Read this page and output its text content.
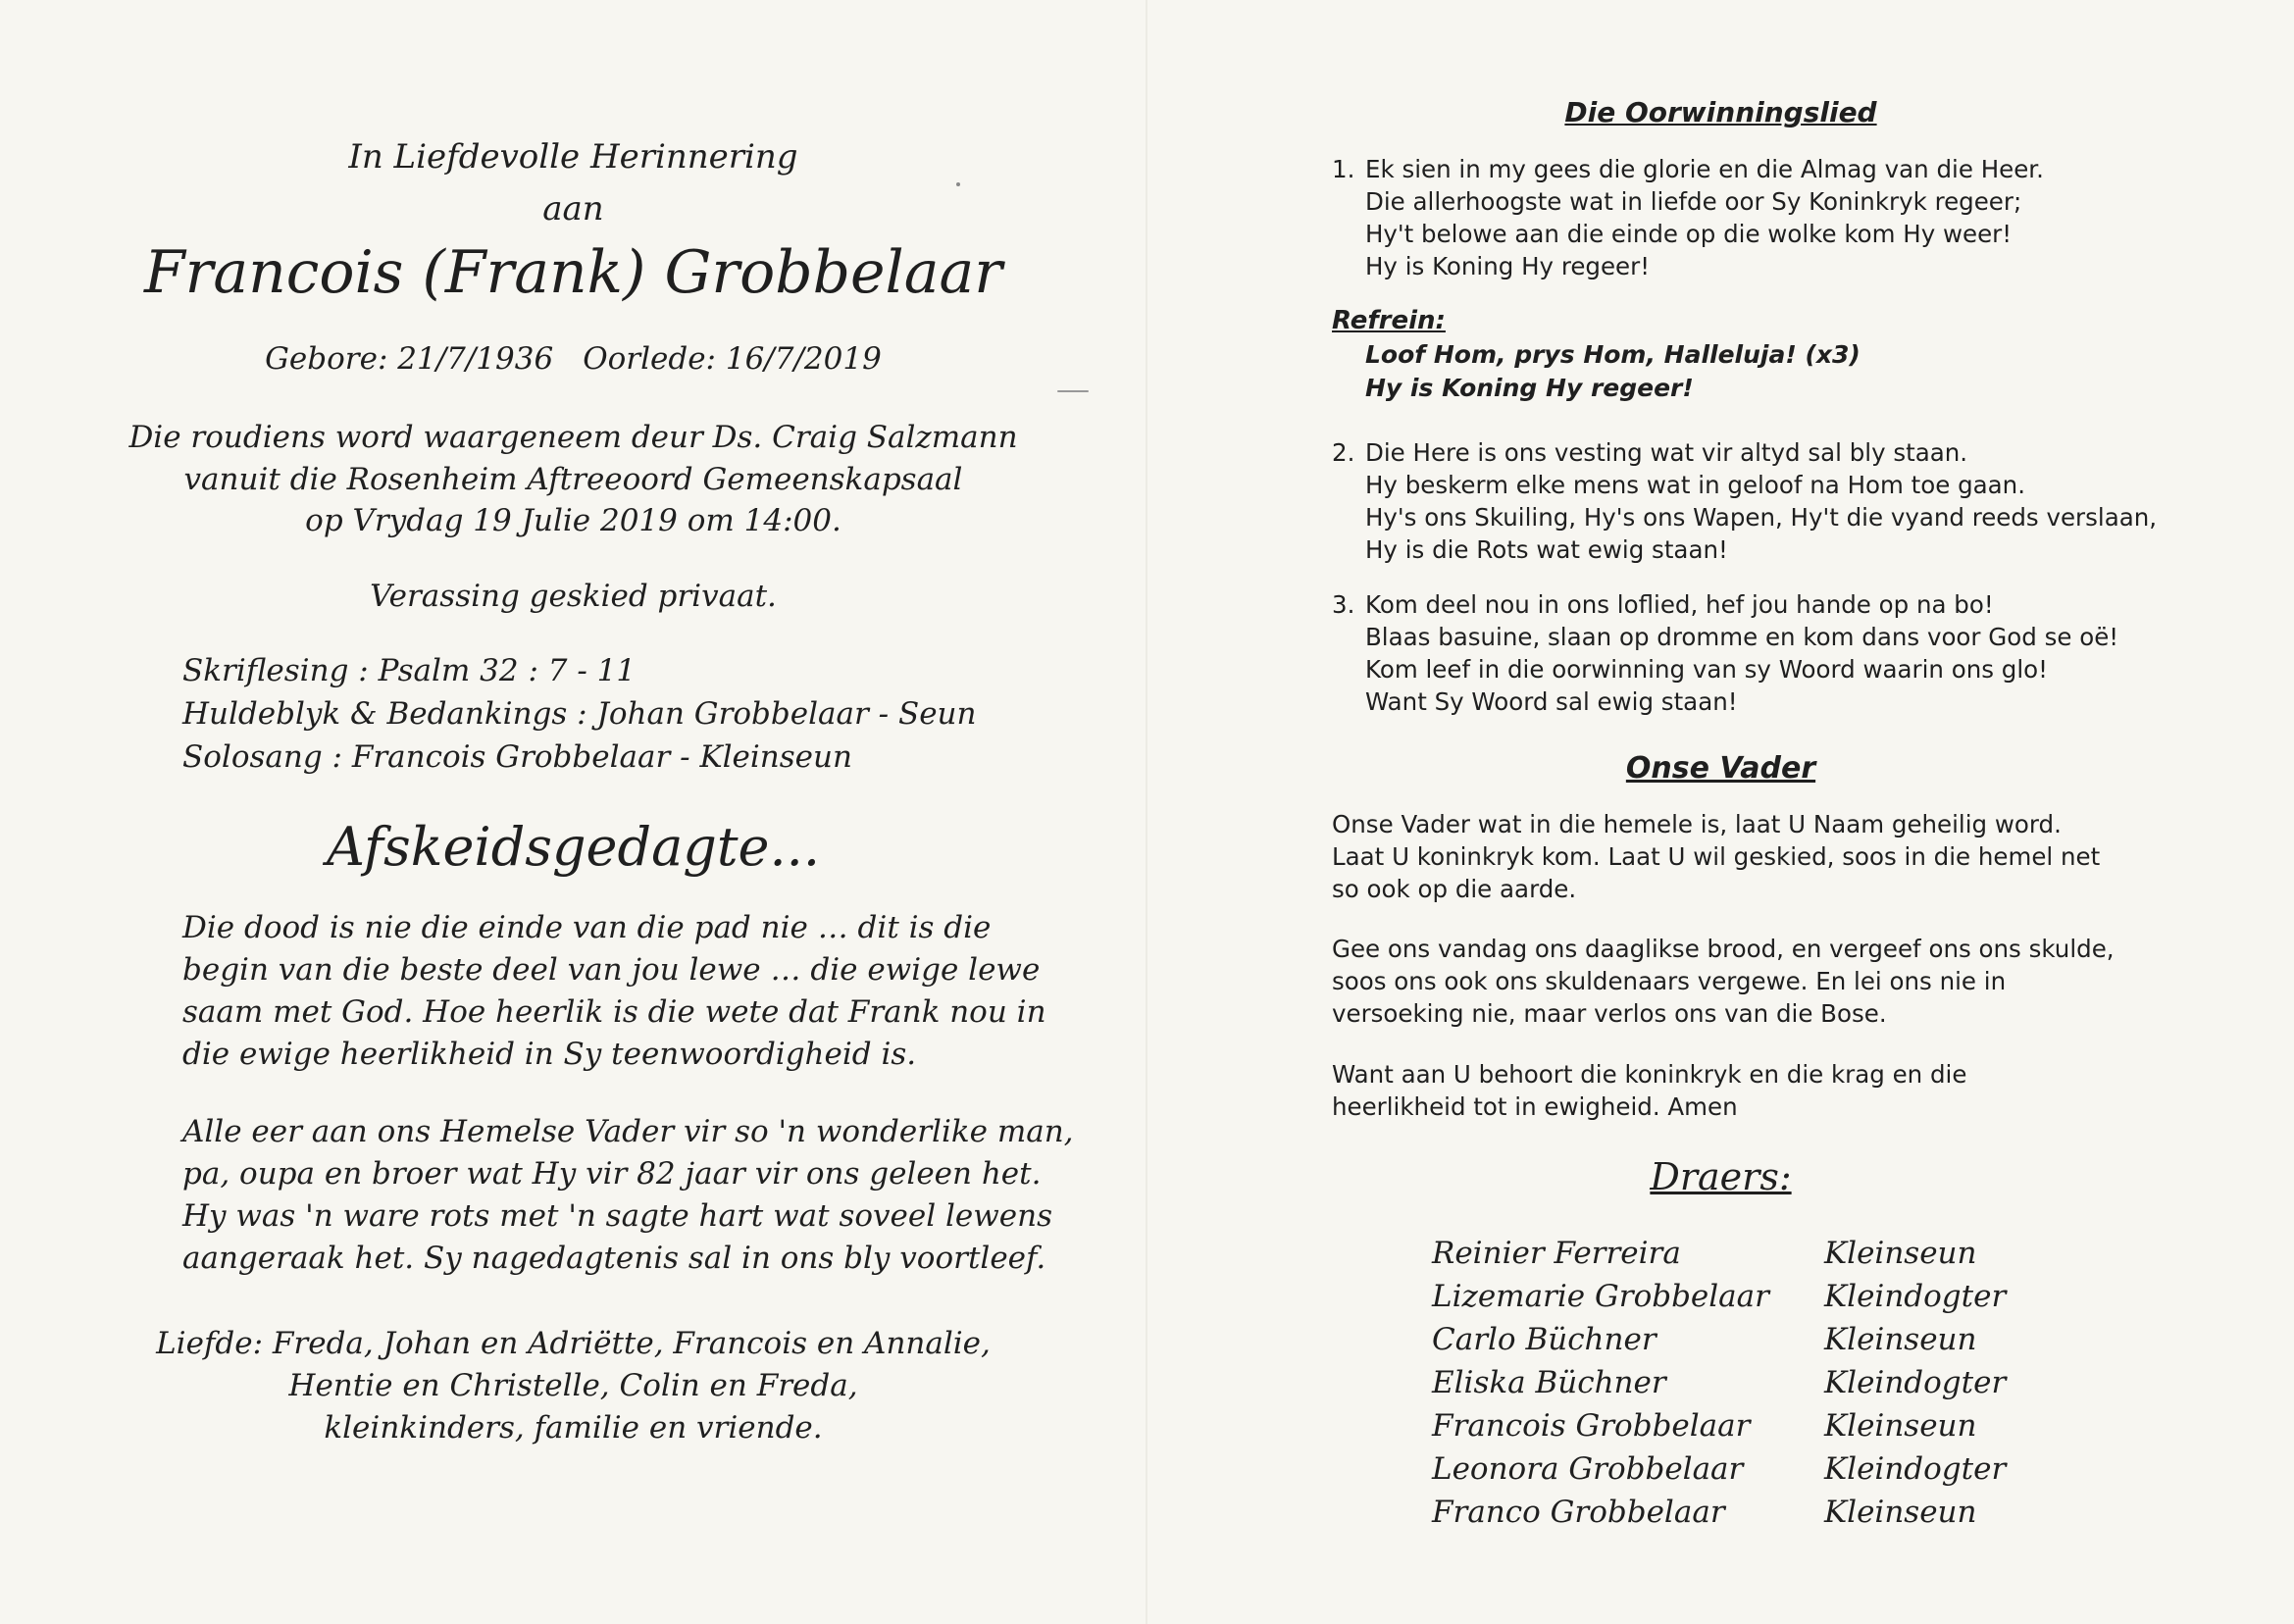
In Liefdevolle Herinnering
aan
Francois (Frank) Grobbelaar
Gebore: 21/7/1936 Oorlede: 16/7/2019
Die roudiens word waargeneem deur Ds. Craig Salzmann
vanuit die Rosenheim Aftreeoord Gemeenskapsaal
op Vrydag 19 Julie 2019 om 14:00.
Verassing geskied privaat.
Skriflesing : Psalm 32 : 7 - 11
Huldeblyk & Bedankings : Johan Grobbelaar - Seun
Solosang : Francois Grobbelaar - Kleinseun
Afskeidsgedagte...
Die dood is nie die einde van die pad nie … dit is die
begin van die beste deel van jou lewe … die ewige lewe
saam met God. Hoe heerlik is die wete dat Frank nou in
die ewige heerlikheid in Sy teenwoordigheid is.
Alle eer aan ons Hemelse Vader vir so 'n wonderlike man,
pa, oupa en broer wat Hy vir 82 jaar vir ons geleen het.
Hy was 'n ware rots met 'n sagte hart wat soveel lewens
aangeraak het. Sy nagedagtenis sal in ons bly voortleef.
Liefde: Freda, Johan en Adriëtte, Francois en Annalie,
Hentie en Christelle, Colin en Freda,
kleinkinders, familie en vriende.
Die Oorwinningslied
1. Ek sien in my gees die glorie en die Almag van die Heer.
Die allerhoogste wat in liefde oor Sy Koninkryk regeer;
Hy't belowe aan die einde op die wolke kom Hy weer!
Hy is Koning Hy regeer!
Refrein:
Loof Hom, prys Hom, Halleluja! (x3)
Hy is Koning Hy regeer!
2. Die Here is ons vesting wat vir altyd sal bly staan.
Hy beskerm elke mens wat in geloof na Hom toe gaan.
Hy's ons Skuiling, Hy's ons Wapen, Hy't die vyand reeds verslaan,
Hy is die Rots wat ewig staan!
3. Kom deel nou in ons loflied, hef jou hande op na bo!
Blaas basuine, slaan op dromme en kom dans voor God se oë!
Kom leef in die oorwinning van sy Woord waarin ons glo!
Want Sy Woord sal ewig staan!
Onse Vader
Onse Vader wat in die hemele is, laat U Naam geheilig word.
Laat U koninkryk kom. Laat U wil geskied, soos in die hemel net
so ook op die aarde.
Gee ons vandag ons daaglikse brood, en vergeef ons ons skulde,
soos ons ook ons skuldenaars vergewe. En lei ons nie in
versoeking nie, maar verlos ons van die Bose.
Want aan U behoort die koninkryk en die krag en die
heerlikheid tot in ewigheid. Amen
Draers:
Reinier Ferreira	Kleinseun
Lizemarie Grobbelaar Kleindogter
Carlo Büchner	Kleinseun
Eliska Büchner	Kleindogter
Francois Grobbelaar Kleinseun
Leonora Grobbelaar	Kleindogter
Franco Grobbelaar	Kleinseun
